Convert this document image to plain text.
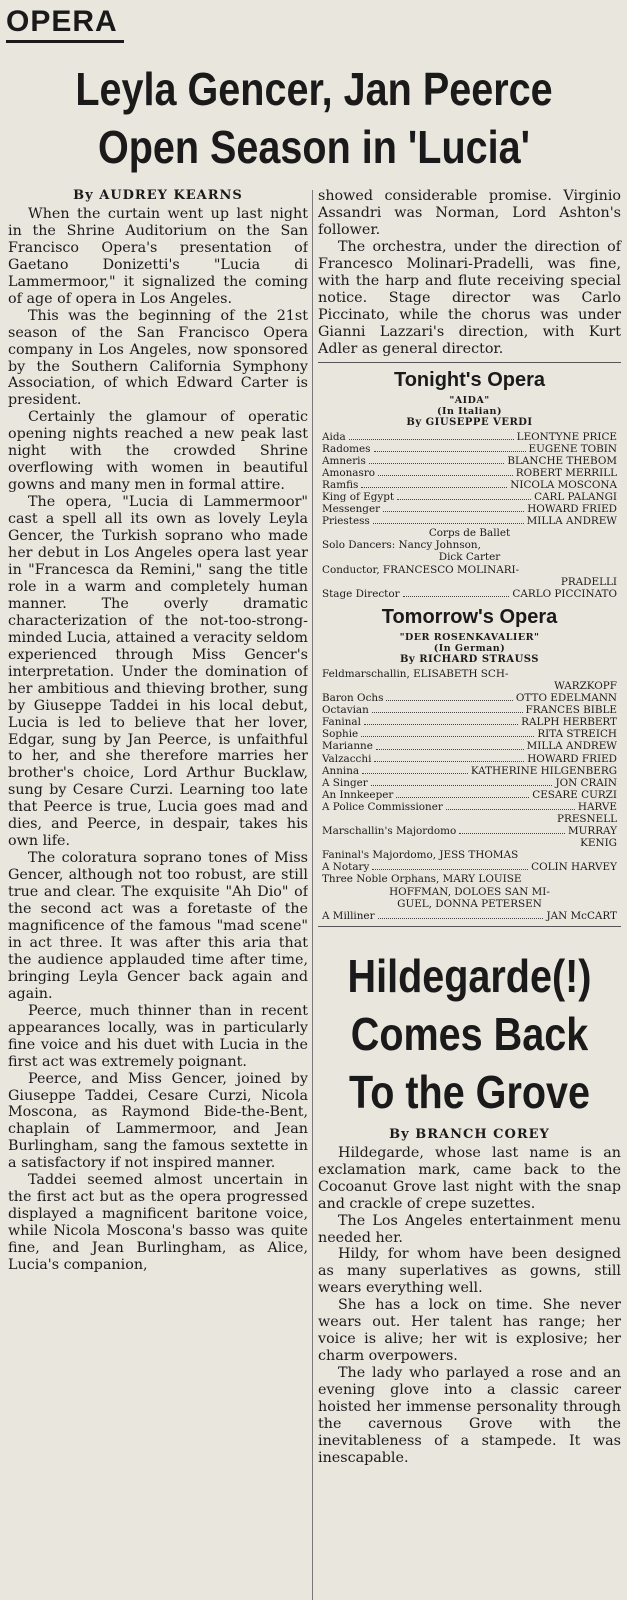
OPERA
Leyla Gencer, Jan Peerce
Open Season in 'Lucia'
By AUDREY KEARNS

When the curtain went up last night in the Shrine Auditorium on the San Francisco Opera's presentation of Gaetano Donizetti's "Lucia di Lammermoor," it signalized the coming of age of opera in Los Angeles.

This was the beginning of the 21st season of the San Francisco Opera company in Los Angeles, now sponsored by the Southern California Symphony Association, of which Edward Carter is president.

Certainly the glamour of operatic opening nights reached a new peak last night with the crowded Shrine overflowing with women in beautiful gowns and many men in formal attire.

The opera, "Lucia di Lammermoor" cast a spell all its own as lovely Leyla Gencer, the Turkish soprano who made her debut in Los Angeles opera last year in "Francesca da Remini," sang the title role in a warm and completely human manner. The overly dramatic characterization of the not-too-strong-minded Lucia, attained a veracity seldom experienced through Miss Gencer's interpretation. Under the domination of her ambitious and thieving brother, sung by Giuseppe Taddei in his local debut, Lucia is led to believe that her lover, Edgar, sung by Jan Peerce, is unfaithful to her, and she therefore marries her brother's choice, Lord Arthur Bucklaw, sung by Cesare Curzi. Learning too late that Peerce is true, Lucia goes mad and dies, and Peerce, in despair, takes his own life.

The coloratura soprano tones of Miss Gencer, although not too robust, are still true and clear. The exquisite "Ah Dio" of the second act was a foretaste of the magnificence of the famous "mad scene" in act three. It was after this aria that the audience applauded time after time, bringing Leyla Gencer back again and again.

Peerce, much thinner than in recent appearances locally, was in particularly fine voice and his duet with Lucia in the first act was extremely poignant.

Peerce, and Miss Gencer, joined by Giuseppe Taddei, Cesare Curzi, Nicola Moscona, as Raymond Bide-the-Bent, chaplain of Lammermoor, and Jean Burlingham, sang the famous sextette in a satisfactory if not inspired manner.

Taddei seemed almost uncertain in the first act but as the opera progressed displayed a magnificent baritone voice, while Nicola Moscona's basso was quite fine, and Jean Burlingham, as Alice, Lucia's companion,

showed considerable promise. Virginio Assandri was Norman, Lord Ashton's follower.

The orchestra, under the direction of Francesco Molinari-Pradelli, was fine, with the harp and flute receiving special notice. Stage director was Carlo Piccinato, while the chorus was under Gianni Lazzari's direction, with Kurt Adler as general director.

Tonight's Opera
"AIDA"
(In Italian)
By GIUSEPPE VERDI
Aida	LEONTYNE PRICE
Radomes	EUGENE TOBIN
Amneris	BLANCHE THEBOM
Amonasro	ROBERT MERRILL
Ramfis	NICOLA MOSCONA
King of Egypt	CARL PALANGI
Messenger	HOWARD FRIED
Priestess	MILLA ANDREW
Corps de Ballet
Solo Dancers: Nancy Johnson,
Dick Carter
Conductor, FRANCESCO MOLINARI-
PRADELLI
Stage Director	CARLO PICCINATO
Tomorrow's Opera
"DER ROSENKAVALIER"
(In German)
By RICHARD STRAUSS
Feldmarschallin, ELISABETH SCH-
WARZKOPF
Baron Ochs	OTTO EDELMANN
Octavian	FRANCES BIBLE
Faninal	RALPH HERBERT
Sophie	RITA STREICH
Marianne	MILLA ANDREW
Valzacchi	HOWARD FRIED
Annina	KATHERINE HILGENBERG
A Singer	JON CRAIN
An Innkeeper	CESARE CURZI
A Police Commissioner	HARVE
PRESNELL
Marschallin's Majordomo	MURRAY
KENIG
Faninal's Majordomo, JESS THOMAS
A Notary	COLIN HARVEY
Three Noble Orphans, MARY LOUISE
HOFFMAN, DOLOES SAN MI-
GUEL, DONNA PETERSEN
A Milliner	JAN McCART
Hildegarde(!)
Comes Back
To the Grove
By BRANCH COREY

Hildegarde, whose last name is an exclamation mark, came back to the Cocoanut Grove last night with the snap and crackle of crepe suzettes.

The Los Angeles entertainment menu needed her.

Hildy, for whom have been designed as many superlatives as gowns, still wears everything well.

She has a lock on time. She never wears out. Her talent has range; her voice is alive; her wit is explosive; her charm overpowers.

The lady who parlayed a rose and an evening glove into a classic career hoisted her immense personality through the cavernous Grove with the inevitableness of a stampede. It was inescapable.
